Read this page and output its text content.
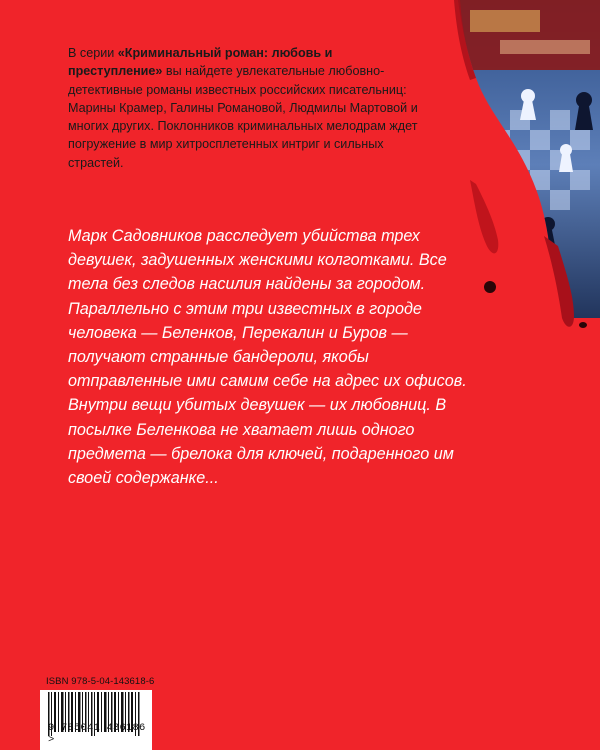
В серии «Криминальный роман: любовь и преступление» вы найдете увлекательные любовно-детективные романы известных российских писательниц: Марины Крамер, Галины Романовой, Людмилы Мартовой и многих других. Поклонников криминальных мелодрам ждет погружение в мир хитросплетенных интриг и сильных страстей.

Марк Садовников расследует убийства трех девушек, задушенных женскими колготками. Все тела без следов насилия найдены за городом. Параллельно с этим три известных в городе человека — Беленков, Перекалин и Буров — получают странные бандероли, якобы отправленные ими самим себе на адрес их офисов. Внутри вещи убитых девушек — их любовниц. В посылке Беленкова не хватает лишь одного предмета — брелока для ключей, подаренного им своей содержанке...

ISBN 978-5-04-143618-6
9 785041 436186 >
